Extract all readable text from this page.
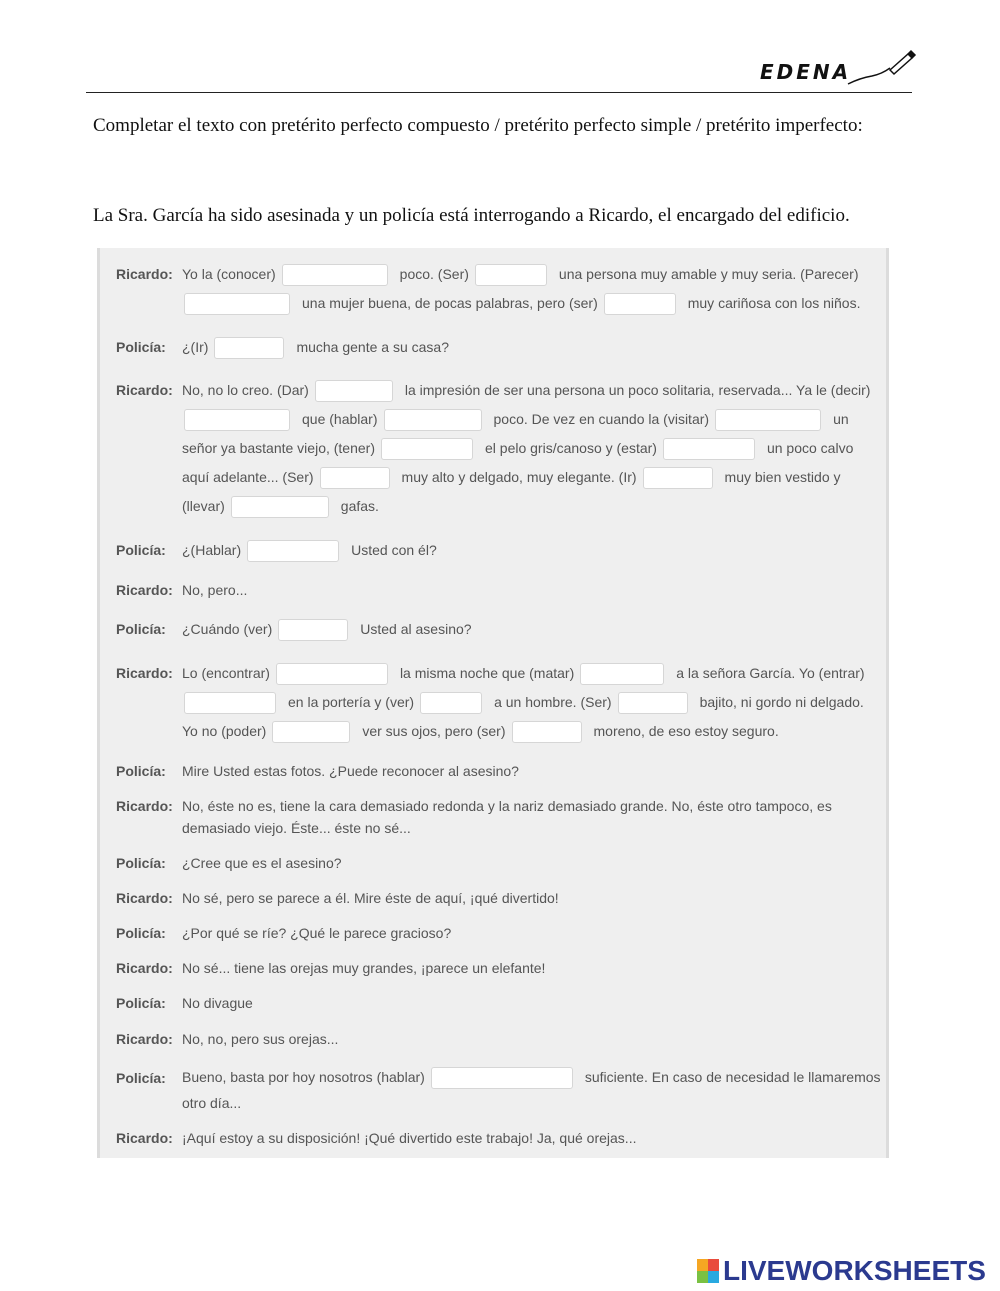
EDENA
Completar el texto con pretérito perfecto compuesto / pretérito perfecto simple / pretérito imperfecto:
La Sra. García ha sido asesinada y un policía está interrogando a Ricardo, el encargado del edificio.
Ricardo: Yo la (conocer)	poco. (Ser)	una persona muy amable y muy seria. (Parecer)
una mujer buena, de pocas palabras, pero (ser)	muy cariñosa con los niños.
Policía:	¿(Ir)	mucha gente a su casa?
Ricardo: No, no lo creo. (Dar)	la impresión de ser una persona un poco solitaria, reservada... Ya le (decir)
que (hablar)	poco. De vez en cuando la (visitar)	un
señor ya bastante viejo, (tener)	el pelo gris/canoso y (estar)	un poco calvo
aquí adelante... (Ser)	muy alto y delgado, muy elegante. (Ir)	muy bien vestido y
(llevar)	gafas.
Policía:	¿(Hablar)	Usted con él?
Ricardo: No, pero...
Policía:	¿Cuándo (ver)	Usted al asesino?
Ricardo: Lo (encontrar)	la misma noche que (matar)	a la señora García. Yo (entrar)
en la portería y (ver)	a un hombre. (Ser)	bajito, ni gordo ni delgado.
Yo no (poder)	ver sus ojos, pero (ser)	moreno, de eso estoy seguro.
Policía:	Mire Usted estas fotos. ¿Puede reconocer al asesino?
Ricardo: No, éste no es, tiene la cara demasiado redonda y la nariz demasiado grande. No, éste otro tampoco, es demasiado viejo. Éste... éste no sé...
Policía:	¿Cree que es el asesino?
Ricardo: No sé, pero se parece a él. Mire éste de aquí, ¡qué divertido!
Policía:	¿Por qué se ríe? ¿Qué le parece gracioso?
Ricardo: No sé... tiene las orejas muy grandes, ¡parece un elefante!
Policía:	No divague
Ricardo: No, no, pero sus orejas...
Policía:	Bueno, basta por hoy nosotros (hablar)	suficiente. En caso de necesidad le llamaremos otro día...
Ricardo: ¡Aquí estoy a su disposición! ¡Qué divertido este trabajo! Ja, qué orejas...
LIVEWORKSHEETS
